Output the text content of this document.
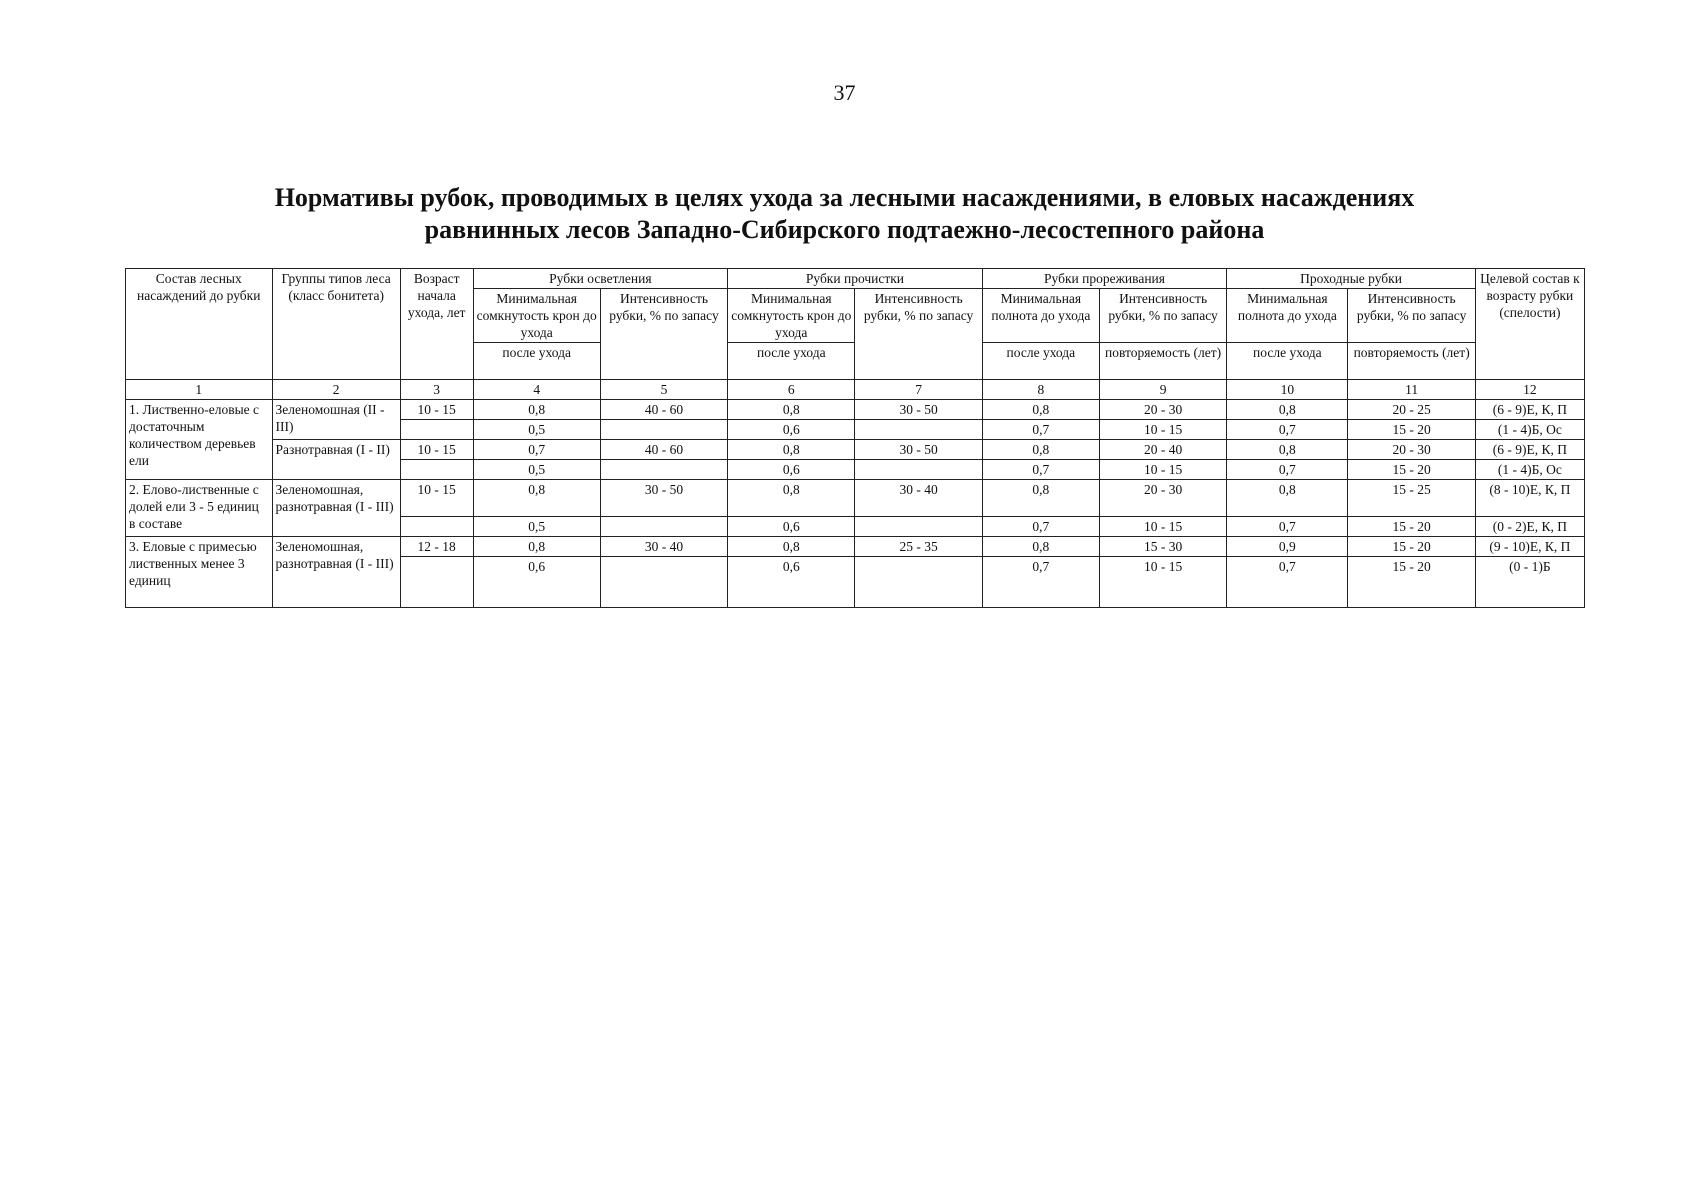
37
Нормативы рубок, проводимых в целях ухода за лесными насаждениями, в еловых насаждениях
равнинных лесов Западно-Сибирского подтаежно-лесостепного района
Состав лесных насаждений до рубки	Группы типов леса (класс бонитета)	Возраст начала ухода, лет	Рубки осветления		Рубки прочистки		Рубки прореживания		Проходные рубки		Целевой состав к возрасту рубки (спелости)
			Минимальная сомкнутость крон до ухода	Интенсивность рубки, % по запасу	Минимальная сомкнутость крон до ухода	Интенсивность рубки, % по запасу	Минимальная полнота до ухода	Интенсивность рубки, % по запасу	Минимальная полнота до ухода	Интенсивность рубки, % по запасу	
			после ухода		после ухода		после ухода	повторяемость (лет)	после ухода	повторяемость (лет)	
1	2	3	4	5	6	7	8	9	10	11	12
1. Лиственно-еловые с достаточным количеством деревьев ели	Зеленомошная (II - III)	10 - 15	0,8	40 - 60	0,8	30 - 50	0,8	20 - 30	0,8	20 - 25	(6 - 9)Е, К, П
			0,5		0,6		0,7	10 - 15	0,7	15 - 20	(1 - 4)Б, Ос
	Разнотравная (I - II)	10 - 15	0,7	40 - 60	0,8	30 - 50	0,8	20 - 40	0,8	20 - 30	(6 - 9)Е, К, П
			0,5		0,6		0,7	10 - 15	0,7	15 - 20	(1 - 4)Б, Ос
2. Елово-лиственные с долей ели 3 - 5 единиц в составе	Зеленомошная, разнотравная (I - III)	10 - 15	0,8	30 - 50	0,8	30 - 40	0,8	20 - 30	0,8	15 - 25	(8 - 10)Е, К, П
			0,5		0,6		0,7	10 - 15	0,7	15 - 20	(0 - 2)Е, К, П
3. Еловые с примесью лиственных менее 3 единиц	Зеленомошная, разнотравная (I - III)	12 - 18	0,8	30 - 40	0,8	25 - 35	0,8	15 - 30	0,9	15 - 20	(9 - 10)Е, К, П
			0,6		0,6		0,7	10 - 15	0,7	15 - 20	(0 - 1)Б
